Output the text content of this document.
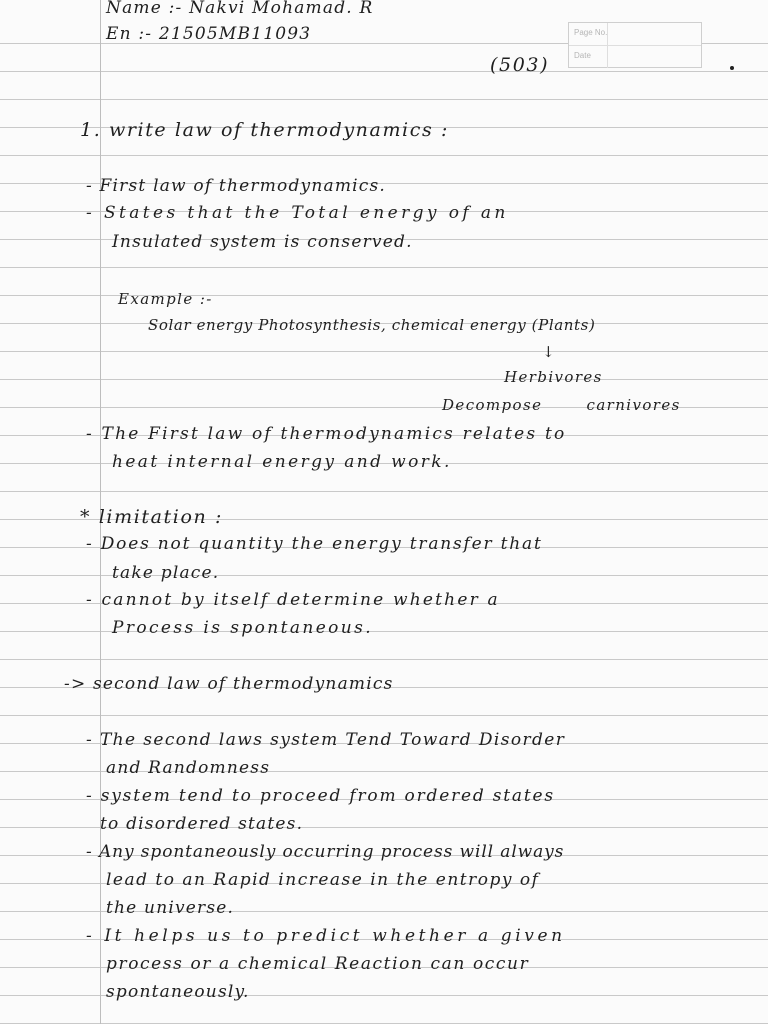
Page No.
Date
Name :- Nakvi Mohamad. R
En :- 21505MB11093
(503)
1. write law of thermodynamics :
- First law of thermodynamics.
- States that the Total energy of an
Insulated system is conserved.
Example :-
Solar energy Photosynthesis, chemical energy (Plants)
↓
Herbivores
Decompose carnivores
- The First law of thermodynamics relates to
heat internal energy and work.
* limitation :
- Does not quantity the energy transfer that
take place.
- cannot by itself determine whether a
Process is spontaneous.
-> second law of thermodynamics
- The second laws system Tend Toward Disorder
and Randomness
- system tend to proceed from ordered states
to disordered states.
- Any spontaneously occurring process will always
lead to an Rapid increase in the entropy of
the universe.
- It helps us to predict whether a given
process or a chemical Reaction can occur
spontaneously.
